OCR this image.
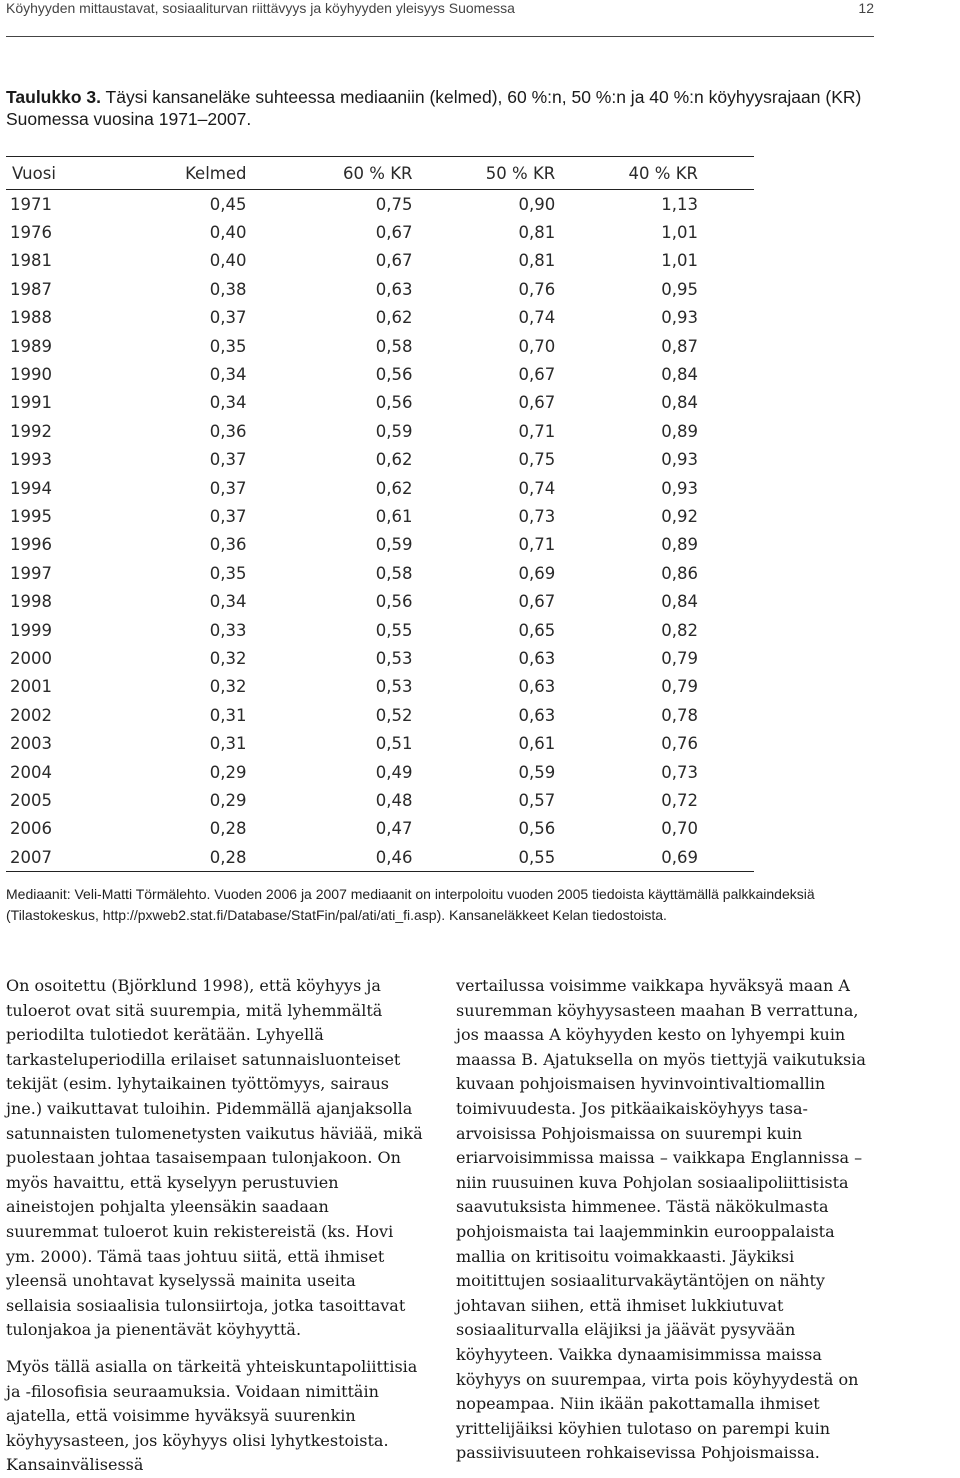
Köyhyyden mittaustavat, sosiaaliturvan riittävyys ja köyhyyden yleisyys Suomessa	12
Taulukko 3. Täysi kansaneläke suhteessa mediaaniin (kelmed), 60 %:n, 50 %:n ja 40 %:n köyhyysrajaan (KR) Suomessa vuosina 1971–2007.
Vuosi	Kelmed	60 % KR	50 % KR	40 % KR
1971	0,45	0,75	0,90	1,13
1976	0,40	0,67	0,81	1,01
1981	0,40	0,67	0,81	1,01
1987	0,38	0,63	0,76	0,95
1988	0,37	0,62	0,74	0,93
1989	0,35	0,58	0,70	0,87
1990	0,34	0,56	0,67	0,84
1991	0,34	0,56	0,67	0,84
1992	0,36	0,59	0,71	0,89
1993	0,37	0,62	0,75	0,93
1994	0,37	0,62	0,74	0,93
1995	0,37	0,61	0,73	0,92
1996	0,36	0,59	0,71	0,89
1997	0,35	0,58	0,69	0,86
1998	0,34	0,56	0,67	0,84
1999	0,33	0,55	0,65	0,82
2000	0,32	0,53	0,63	0,79
2001	0,32	0,53	0,63	0,79
2002	0,31	0,52	0,63	0,78
2003	0,31	0,51	0,61	0,76
2004	0,29	0,49	0,59	0,73
2005	0,29	0,48	0,57	0,72
2006	0,28	0,47	0,56	0,70
2007	0,28	0,46	0,55	0,69
Mediaanit: Veli-Matti Törmälehto. Vuoden 2006 ja 2007 mediaanit on interpoloitu vuoden 2005 tiedoista käyttämällä palkkaindeksiä (Tilastokeskus, http://pxweb2.stat.fi/Database/StatFin/pal/ati/ati_fi.asp). Kansaneläkkeet Kelan tiedostoista.

On osoitettu (Björklund 1998), että köyhyys ja tuloerot ovat sitä suurempia, mitä lyhemmältä periodilta tulotiedot kerätään. Lyhyellä tarkasteluperiodilla erilaiset satunnaisluonteiset tekijät (esim. lyhytaikainen työttömyys, sairaus jne.) vaikuttavat tuloihin. Pidemmällä ajanjaksolla satunnaisten tulomenetysten vaikutus häviää, mikä puolestaan johtaa tasaisempaan tulonjakoon. On myös havaittu, että kyselyyn perustuvien aineistojen pohjalta yleensäkin saadaan suuremmat tuloerot kuin rekistereistä (ks. Hovi ym. 2000). Tämä taas johtuu siitä, että ihmiset yleensä unohtavat kyselyssä mainita useita sellaisia sosiaalisia tulonsiirtoja, jotka tasoittavat tulonjakoa ja pienentävät köyhyyttä.

Myös tällä asialla on tärkeitä yhteiskuntapoliittisia ja -filosofisia seuraamuksia. Voidaan nimittäin ajatella, että voisimme hyväksyä suurenkin köyhyysasteen, jos köyhyys olisi lyhytkestoista. Kansainvälisessä

vertailussa voisimme vaikkapa hyväksyä maan A suuremman köyhyysasteen maahan B verrattuna, jos maassa A köyhyyden kesto on lyhyempi kuin maassa B. Ajatuksella on myös tiettyjä vaikutuksia kuvaan pohjoismaisen hyvinvointivaltiomallin toimivuudesta. Jos pitkäaikaisköyhyys tasa-arvoisissa Pohjoismaissa on suurempi kuin eriarvoisimmissa maissa – vaikkapa Englannissa – niin ruusuinen kuva Pohjolan sosiaalipoliittisista saavutuksista himmenee. Tästä näkökulmasta pohjoismaista tai laajemminkin eurooppalaista mallia on kritisoitu voimakkaasti. Jäykiksi moitittujen sosiaaliturvakäytäntöjen on nähty johtavan siihen, että ihmiset lukkiutuvat sosiaaliturvalla eläjiksi ja jäävät pysyvään köyhyyteen. Vaikka dynaamisimmissa maissa köyhyys on suurempaa, virta pois köyhyydestä on nopeampaa. Niin ikään pakottamalla ihmiset yrittelijäiksi köyhien tulotaso on parempi kuin passiivisuuteen rohkaisevissa Pohjoismaissa.
